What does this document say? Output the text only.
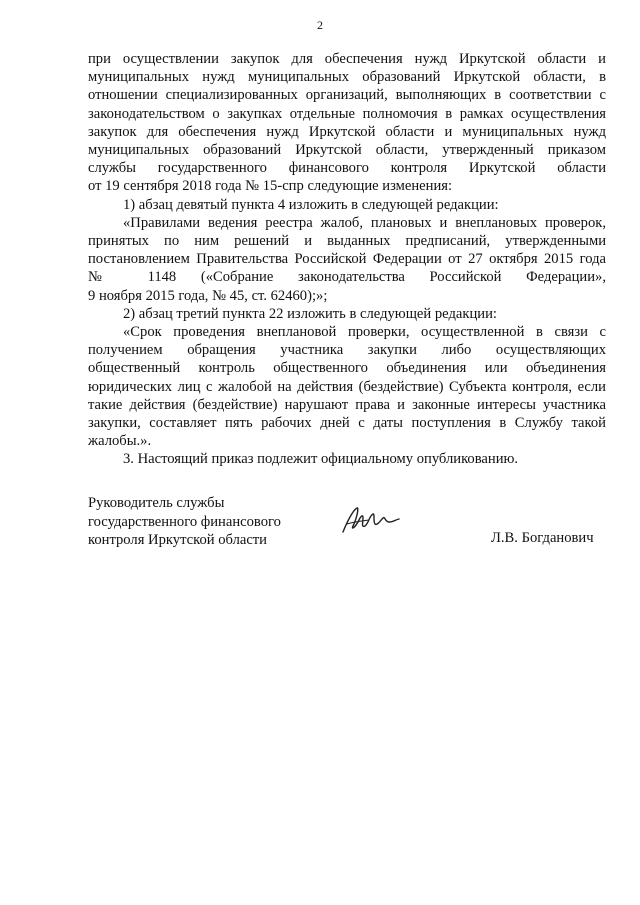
2
при осуществлении закупок для обеспечения нужд Иркутской области и
муниципальных нужд муниципальных образований Иркутской области, в
отношении специализированных организаций, выполняющих в соответствии с
законодательством о закупках отдельные полномочия в рамках осуществления
закупок для обеспечения нужд Иркутской области и муниципальных нужд
муниципальных образований Иркутской области, утвержденный приказом
службы государственного финансового контроля Иркутской области
от 19 сентября 2018 года № 15-спр следующие изменения:
1) абзац девятый пункта 4 изложить в следующей редакции:
«Правилами ведения реестра жалоб, плановых и внеплановых проверок,
принятых по ним решений и выданных предписаний, утвержденными
постановлением Правительства Российской Федерации от 27 октября 2015 года
№ 1148 («Собрание законодательства Российской Федерации»,
9 ноября 2015 года, № 45, ст. 62460);»;
2) абзац третий пункта 22 изложить в следующей редакции:
«Срок проведения внеплановой проверки, осуществленной в связи с
получением обращения участника закупки либо осуществляющих
общественный контроль общественного объединения или объединения
юридических лиц с жалобой на действия (бездействие) Субъекта контроля, если
такие действия (бездействие) нарушают права и законные интересы участника
закупки, составляет пять рабочих дней с даты поступления в Службу такой
жалобы.».
3. Настоящий приказ подлежит официальному опубликованию.
Руководитель службы
государственного финансового
контроля Иркутской области	Л.В. Богданович
